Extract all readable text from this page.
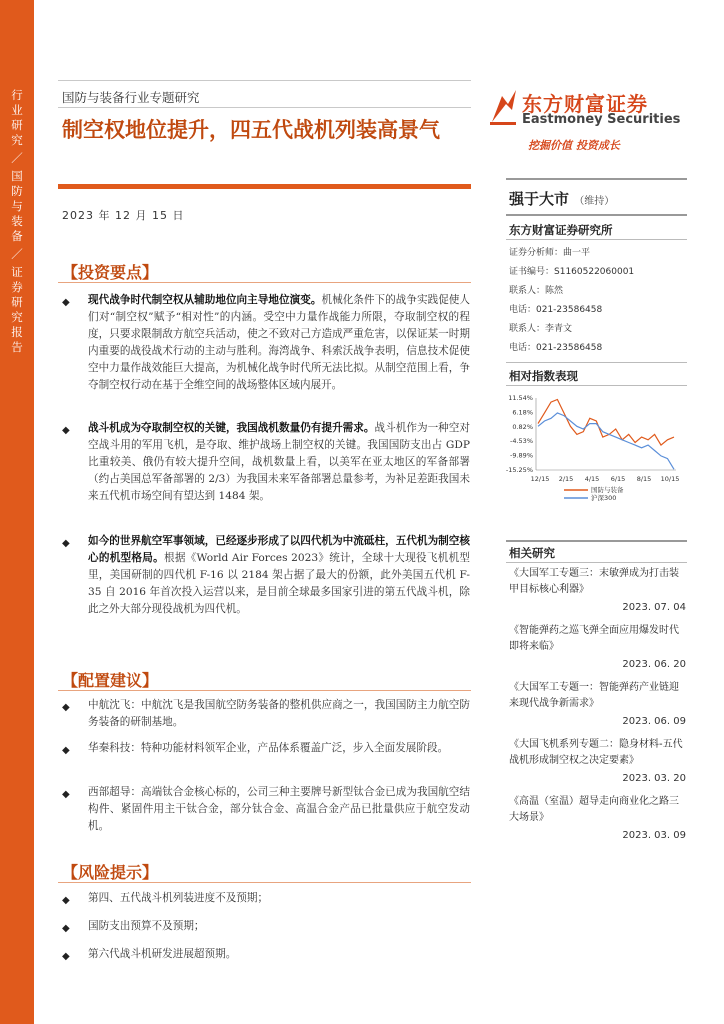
行
业
研
究
／
国
防
与
装
备
／
证
券
研
究
报
告
国防与装备行业专题研究
制空权地位提升，四五代战机列装高景气
2023 年 12 月 15 日
【投资要点】
◆ 现代战争时代制空权从辅助地位向主导地位演变。机械化条件下的战争实践促使人们对“制空权”赋予“相对性”的内涵。受空中力量作战能力所限，夺取制空权的程度，只要求限制敌方航空兵活动，使之不致对己方造成严重危害，以保证某一时期内重要的战役战术行动的主动与胜利。海湾战争、科索沃战争表明，信息技术促使空中力量作战效能巨大提高，为机械化战争时代所无法比拟。从制空范围上看，争夺制空权行动在基于全维空间的战场整体区域内展开。
◆ 战斗机成为夺取制空权的关键，我国战机数量仍有提升需求。战斗机作为一种空对空战斗用的军用飞机，是夺取、维护战场上制空权的关键。我国国防支出占 GDP 比重较美、俄仍有较大提升空间，战机数量上看，以美军在亚太地区的军备部署（约占美国总军备部署的 2/3）为我国未来军备部署总量参考，为补足差距我国未来五代机市场空间有望达到 1484 架。
◆ 如今的世界航空军事领域，已经逐步形成了以四代机为中流砥柱，五代机为制空核心的机型格局。根据《World Air Forces 2023》统计，全球十大现役飞机机型里，美国研制的四代机 F-16 以 2184 架占据了最大的份额，此外美国五代机 F-35 自 2016 年首次投入运营以来，是目前全球最多国家引进的第五代战斗机，除此之外大部分现役战机为四代机。
【配置建议】
◆ 中航沈飞：中航沈飞是我国航空防务装备的整机供应商之一，我国国防主力航空防务装备的研制基地。
◆ 华秦科技：特种功能材料领军企业，产品体系覆盖广泛，步入全面发展阶段。
◆ 西部超导：高端钛合金核心标的，公司三种主要牌号新型钛合金已成为我国航空结构件、紧固件用主干钛合金，部分钛合金、高温合金产品已批量供应于航空发动机。
【风险提示】
◆ 第四、五代战斗机列装进度不及预期；
◆ 国防支出预算不及预期；
◆ 第六代战斗机研发进展超预期。
东方财富证券
Eastmoney Securities
挖掘价值 投资成长
强于大市 （维持）
东方财富证券研究所
证券分析师：曲一平
证书编号：S1160522060001
联系人：陈然
电话：021-23586458
联系人：李青文
电话：021-23586458
相对指数表现
11.54%
6.18%
0.82%
-4.53%
-9.89%
-15.25%
12/15 2/15 4/15 6/15 8/15 10/15
国防与装备
沪深300
相关研究
《大国军工专题三：末敏弹成为打击装甲目标核心利器》
2023. 07. 04
《智能弹药之巡飞弹全面应用爆发时代即将来临》
2023. 06. 20
《大国军工专题一：智能弹药产业链迎来现代战争新需求》
2023. 06. 09
《大国飞机系列专题二：隐身材料-五代战机形成制空权之决定要素》
2023. 03. 20
《高温（室温）超导走向商业化之路三大场景》
2023. 03. 09
